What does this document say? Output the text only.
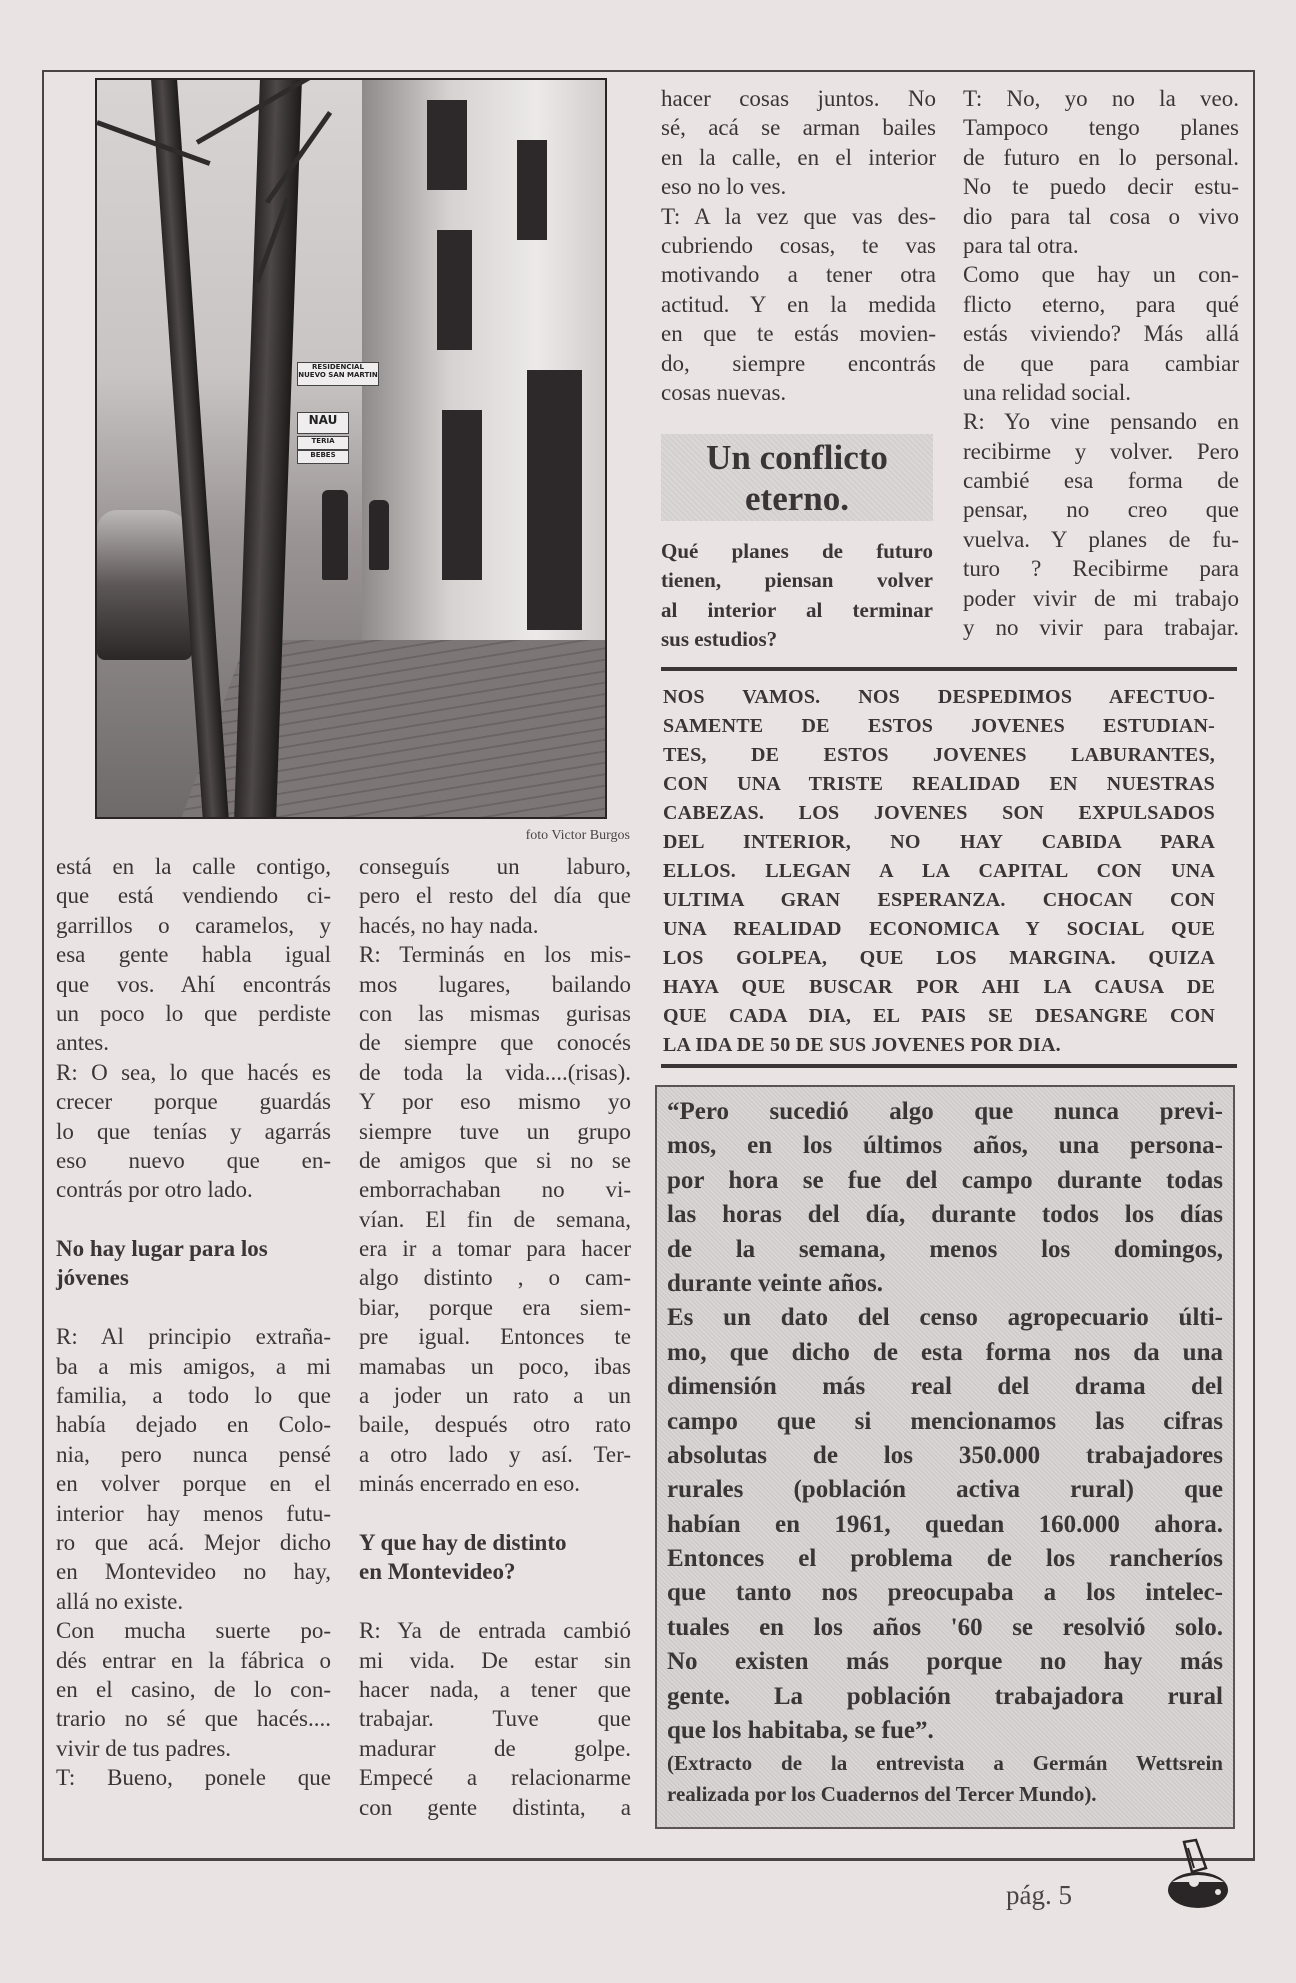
RESIDENCIAL NUEVO SAN MARTIN
NAU
TERIA
BEBES
foto Victor Burgos
está en la calle contigo,
que está vendiendo ci-
garrillos o caramelos, y
esa gente habla igual
que vos. Ahí encontrás
un poco lo que perdiste
antes.
R: O sea, lo que hacés es
crecer porque guardás
lo que tenías y agarrás
eso nuevo que en-
contrás por otro lado.
No hay lugar para los
jóvenes
R: Al principio extraña-
ba a mis amigos, a mi
familia, a todo lo que
había dejado en Colo-
nia, pero nunca pensé
en volver porque en el
interior hay menos futu-
ro que acá. Mejor dicho
en Montevideo no hay,
allá no existe.
Con mucha suerte po-
dés entrar en la fábrica o
en el casino, de lo con-
trario no sé que hacés....
vivir de tus padres.
T: Bueno, ponele que
conseguís un laburo,
pero el resto del día que
hacés, no hay nada.
R: Terminás en los mis-
mos lugares, bailando
con las mismas gurisas
de siempre que conocés
de toda la vida....(risas).
Y por eso mismo yo
siempre tuve un grupo
de amigos que si no se
emborrachaban no vi-
vían. El fin de semana,
era ir a tomar para hacer
algo distinto , o cam-
biar, porque era siem-
pre igual. Entonces te
mamabas un poco, ibas
a joder un rato a un
baile, después otro rato
a otro lado y así. Ter-
minás encerrado en eso.
Y que hay de distinto
en Montevideo?
R: Ya de entrada cambió
mi vida. De estar sin
hacer nada, a tener que
trabajar. Tuve que
madurar de golpe.
Empecé a relacionarme
con gente distinta, a
hacer cosas juntos. No
sé, acá se arman bailes
en la calle, en el interior
eso no lo ves.
T: A la vez que vas des-
cubriendo cosas, te vas
motivando a tener otra
actitud. Y en la medida
en que te estás movien-
do, siempre encontrás
cosas nuevas.
T: No, yo no la veo.
Tampoco tengo planes
de futuro en lo personal.
No te puedo decir estu-
dio para tal cosa o vivo
para tal otra.
Como que hay un con-
flicto eterno, para qué
estás viviendo? Más allá
de que para cambiar
una relidad social.
R: Yo vine pensando en
recibirme y volver. Pero
cambié esa forma de
pensar, no creo que
vuelva. Y planes de fu-
turo ? Recibirme para
poder vivir de mi trabajo
y no vivir para trabajar.
Un conflicto
eterno.
Qué planes de futuro
tienen, piensan volver
al interior al terminar
sus estudios?
NOS VAMOS. NOS DESPEDIMOS AFECTUO-
SAMENTE DE ESTOS JOVENES ESTUDIAN-
TES, DE ESTOS JOVENES LABURANTES,
CON UNA TRISTE REALIDAD EN NUESTRAS
CABEZAS. LOS JOVENES SON EXPULSADOS
DEL INTERIOR, NO HAY CABIDA PARA
ELLOS. LLEGAN A LA CAPITAL CON UNA
ULTIMA GRAN ESPERANZA. CHOCAN CON
UNA REALIDAD ECONOMICA Y SOCIAL QUE
LOS GOLPEA, QUE LOS MARGINA. QUIZA
HAYA QUE BUSCAR POR AHI LA CAUSA DE
QUE CADA DIA, EL PAIS SE DESANGRE CON
LA IDA DE 50 DE SUS JOVENES POR DIA.
“Pero sucedió algo que nunca previ-
mos, en los últimos años, una persona-
por hora se fue del campo durante todas
las horas del día, durante todos los días
de la semana, menos los domingos,
durante veinte años.
Es un dato del censo agropecuario últi-
mo, que dicho de esta forma nos da una
dimensión más real del drama del
campo que si mencionamos las cifras
absolutas de los 350.000 trabajadores
rurales (población activa rural) que
habían en 1961, quedan 160.000 ahora.
Entonces el problema de los rancheríos
que tanto nos preocupaba a los intelec-
tuales en los años '60 se resolvió solo.
No existen más porque no hay más
gente. La población trabajadora rural
que los habitaba, se fue”.
(Extracto de la entrevista a Germán Wettsrein
realizada por los Cuadernos del Tercer Mundo).
pág. 5
